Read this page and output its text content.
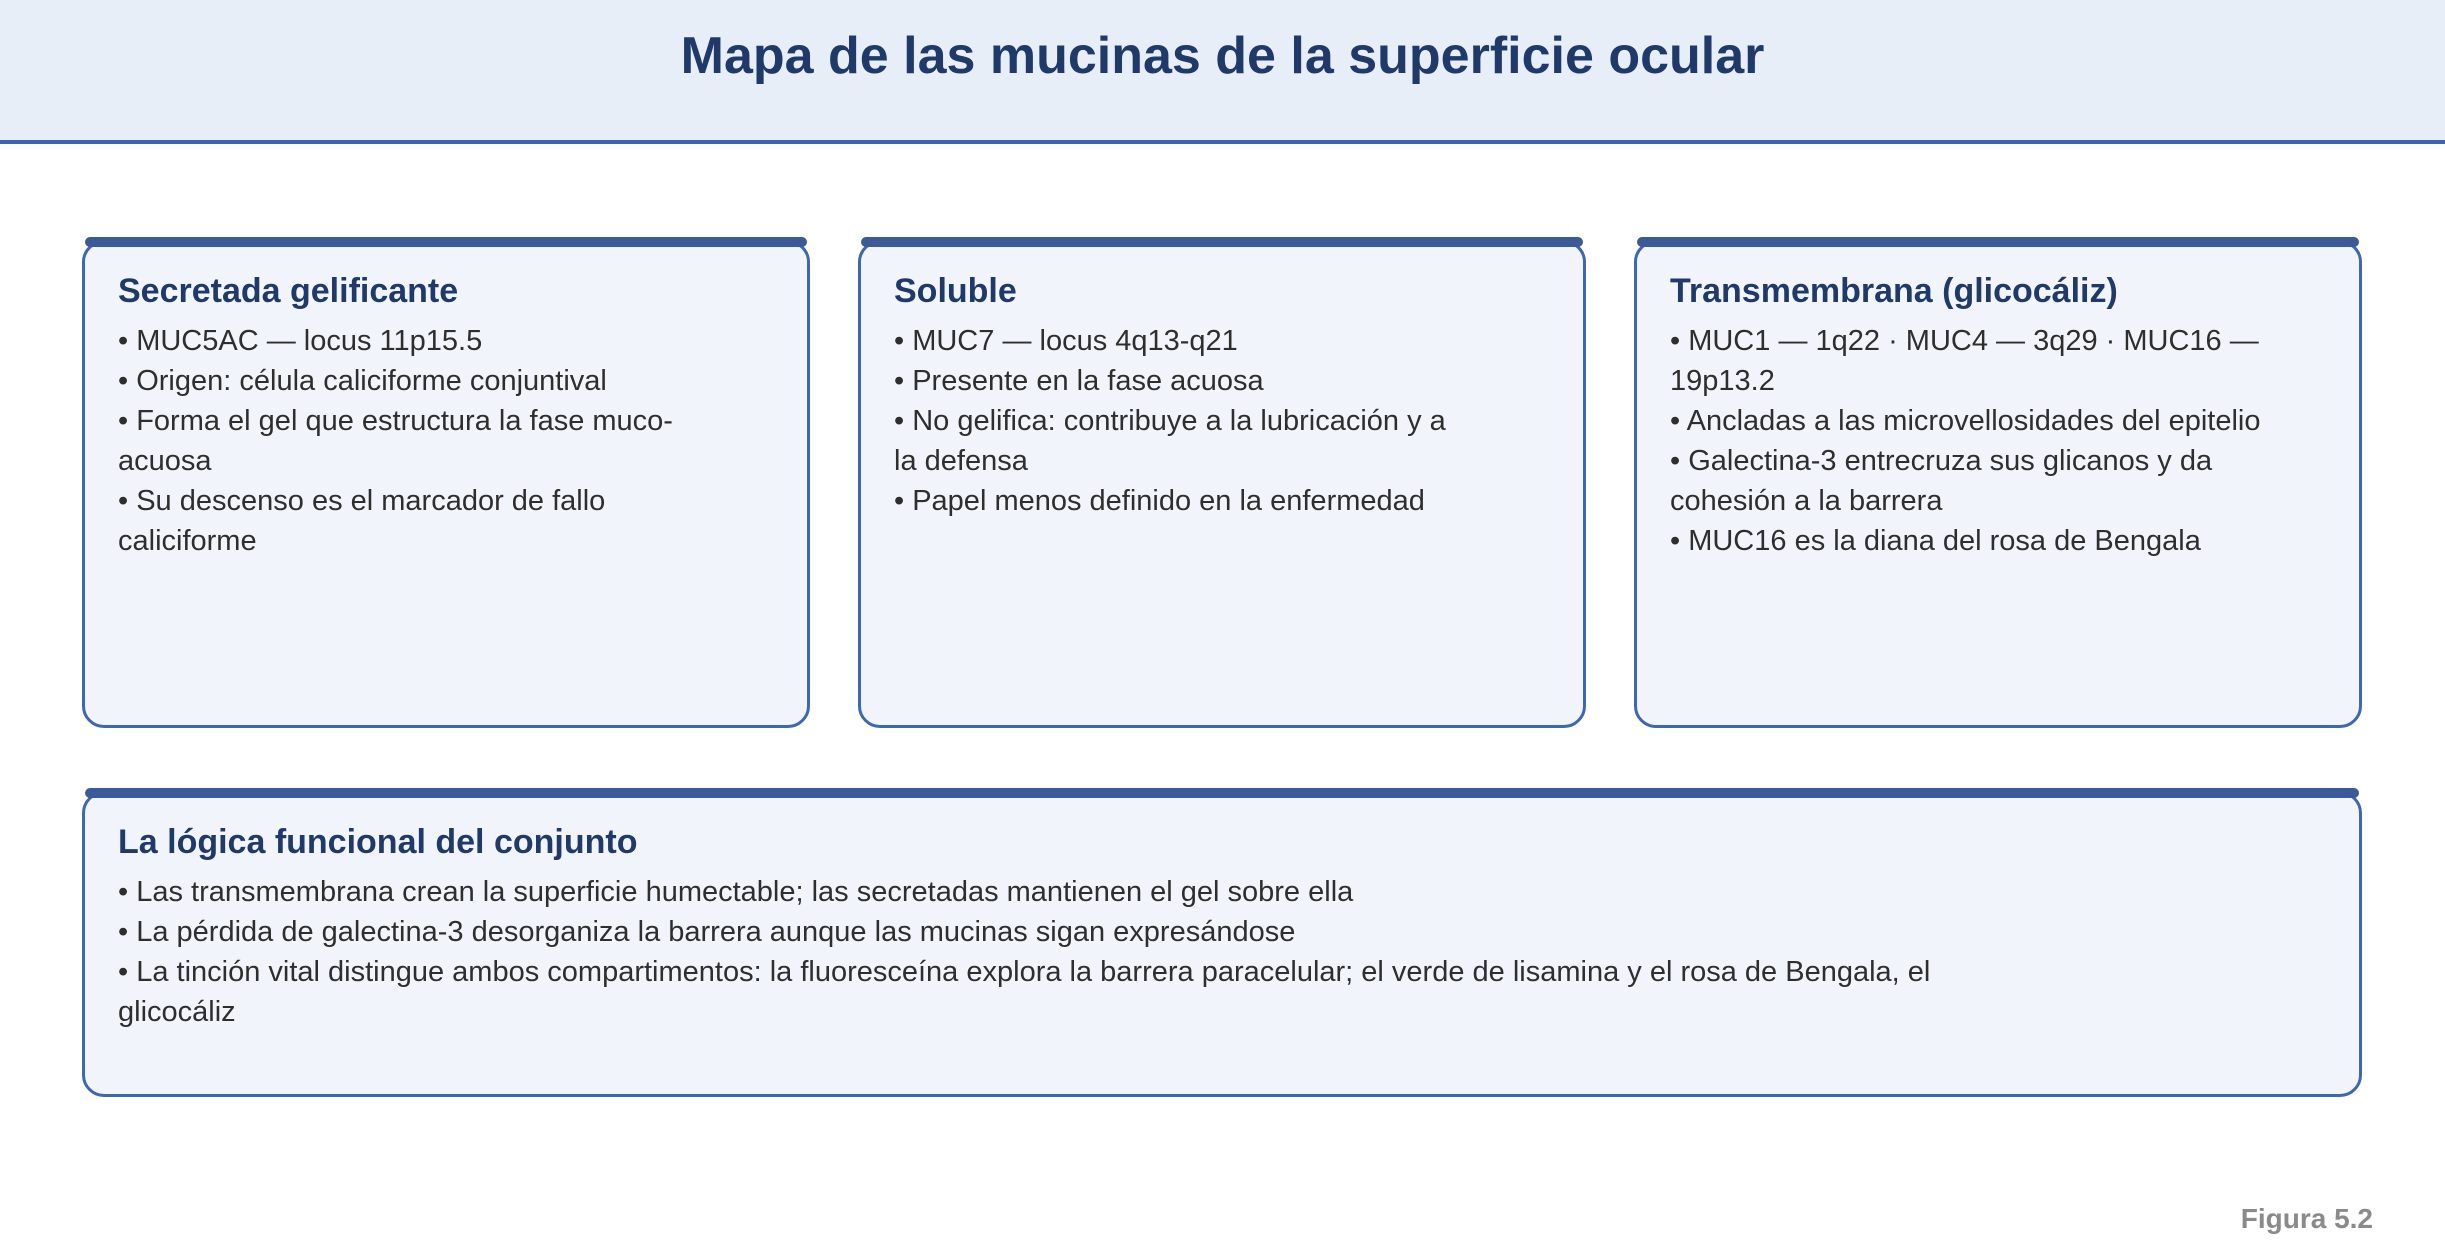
Mapa de las mucinas de la superficie ocular
Secretada gelificante
• MUC5AC — locus 11p15.5
• Origen: célula caliciforme conjuntival
• Forma el gel que estructura la fase muco-acuosa
• Su descenso es el marcador de fallo caliciforme
Soluble
• MUC7 — locus 4q13-q21
• Presente en la fase acuosa
• No gelifica: contribuye a la lubricación y a la defensa
• Papel menos definido en la enfermedad
Transmembrana (glicocáliz)
• MUC1 — 1q22 · MUC4 — 3q29 · MUC16 — 19p13.2
• Ancladas a las microvellosidades del epitelio
• Galectina-3 entrecruza sus glicanos y da cohesión a la barrera
• MUC16 es la diana del rosa de Bengala
La lógica funcional del conjunto
• Las transmembrana crean la superficie humectable; las secretadas mantienen el gel sobre ella
• La pérdida de galectina-3 desorganiza la barrera aunque las mucinas sigan expresándose
• La tinción vital distingue ambos compartimentos: la fluoresceína explora la barrera paracelular; el verde de lisamina y el rosa de Bengala, el glicocáliz

Figura 5.2
